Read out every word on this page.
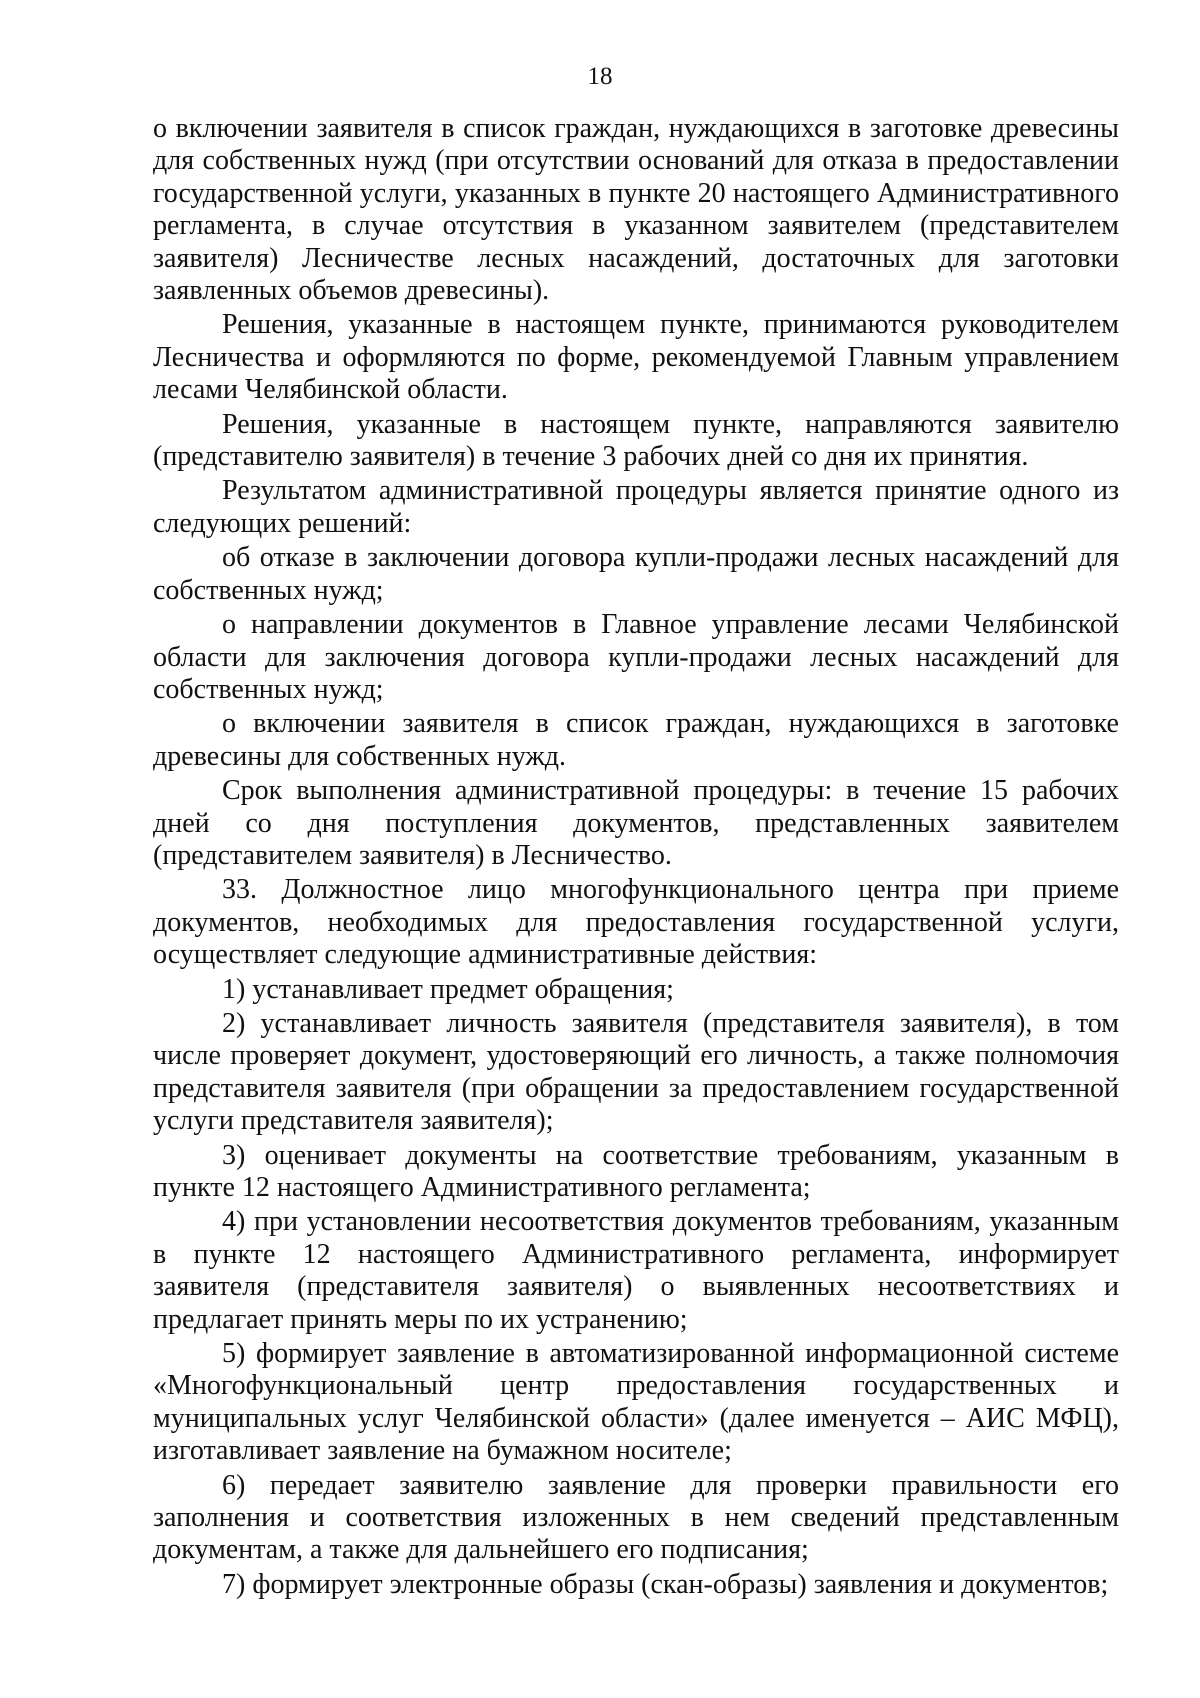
18

о включении заявителя в список граждан, нуждающихся в заготовке древесины для собственных нужд (при отсутствии оснований для отказа в предоставлении государственной услуги, указанных в пункте 20 настоящего Административного регламента, в случае отсутствия в указанном заявителем (представителем заявителя) Лесничестве лесных насаждений, достаточных для заготовки заявленных объемов древесины).

Решения, указанные в настоящем пункте, принимаются руководителем Лесничества и оформляются по форме, рекомендуемой Главным управлением лесами Челябинской области.

Решения, указанные в настоящем пункте, направляются заявителю (представителю заявителя) в течение 3 рабочих дней со дня их принятия.

Результатом административной процедуры является принятие одного из следующих решений:

об отказе в заключении договора купли-продажи лесных насаждений для собственных нужд;

о направлении документов в Главное управление лесами Челябинской области для заключения договора купли-продажи лесных насаждений для собственных нужд;

о включении заявителя в список граждан, нуждающихся в заготовке древесины для собственных нужд.

Срок выполнения административной процедуры: в течение 15 рабочих дней со дня поступления документов, представленных заявителем (представителем заявителя) в Лесничество.

33. Должностное лицо многофункционального центра при приеме документов, необходимых для предоставления государственной услуги, осуществляет следующие административные действия:

1) устанавливает предмет обращения;

2) устанавливает личность заявителя (представителя заявителя), в том числе проверяет документ, удостоверяющий его личность, а также полномочия представителя заявителя (при обращении за предоставлением государственной услуги представителя заявителя);

3) оценивает документы на соответствие требованиям, указанным в пункте 12 настоящего Административного регламента;

4) при установлении несоответствия документов требованиям, указанным в пункте 12 настоящего Административного регламента, информирует заявителя (представителя заявителя) о выявленных несоответствиях и предлагает принять меры по их устранению;

5) формирует заявление в автоматизированной информационной системе «Многофункциональный центр предоставления государственных и муниципальных услуг Челябинской области» (далее именуется – АИС МФЦ), изготавливает заявление на бумажном носителе;

6) передает заявителю заявление для проверки правильности его заполнения и соответствия изложенных в нем сведений представленным документам, а также для дальнейшего его подписания;

7) формирует электронные образы (скан-образы) заявления и документов;
